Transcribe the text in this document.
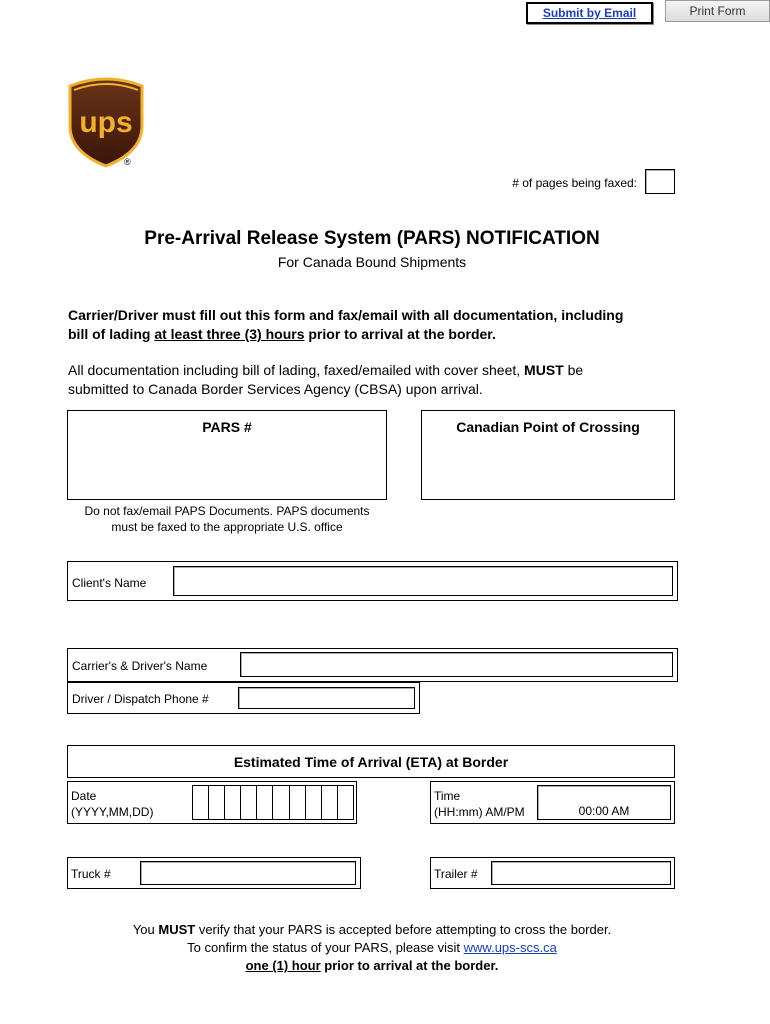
Submit by Email	Print Form
ups
®
# of pages being faxed:
Pre-Arrival Release System (PARS) NOTIFICATION
For Canada Bound Shipments
Carrier/Driver must fill out this form and fax/email with all documentation, including
bill of lading at least three (3) hours prior to arrival at the border.
All documentation including bill of lading, faxed/emailed with cover sheet, MUST be
submitted to Canada Border Services Agency (CBSA) upon arrival.
PARS #
Do not fax/email PAPS Documents. PAPS documents
must be faxed to the appropriate U.S. office
Canadian Point of Crossing
Client's Name
Carrier's & Driver's Name
Driver / Dispatch Phone #
Estimated Time of Arrival (ETA) at Border
Date
(YYYY,MM,DD)
Time
(HH:mm) AM/PM	00:00 AM
Truck #	Trailer #
You MUST verify that your PARS is accepted before attempting to cross the border.
To confirm the status of your PARS, please visit www.ups-scs.ca
one (1) hour prior to arrival at the border.
